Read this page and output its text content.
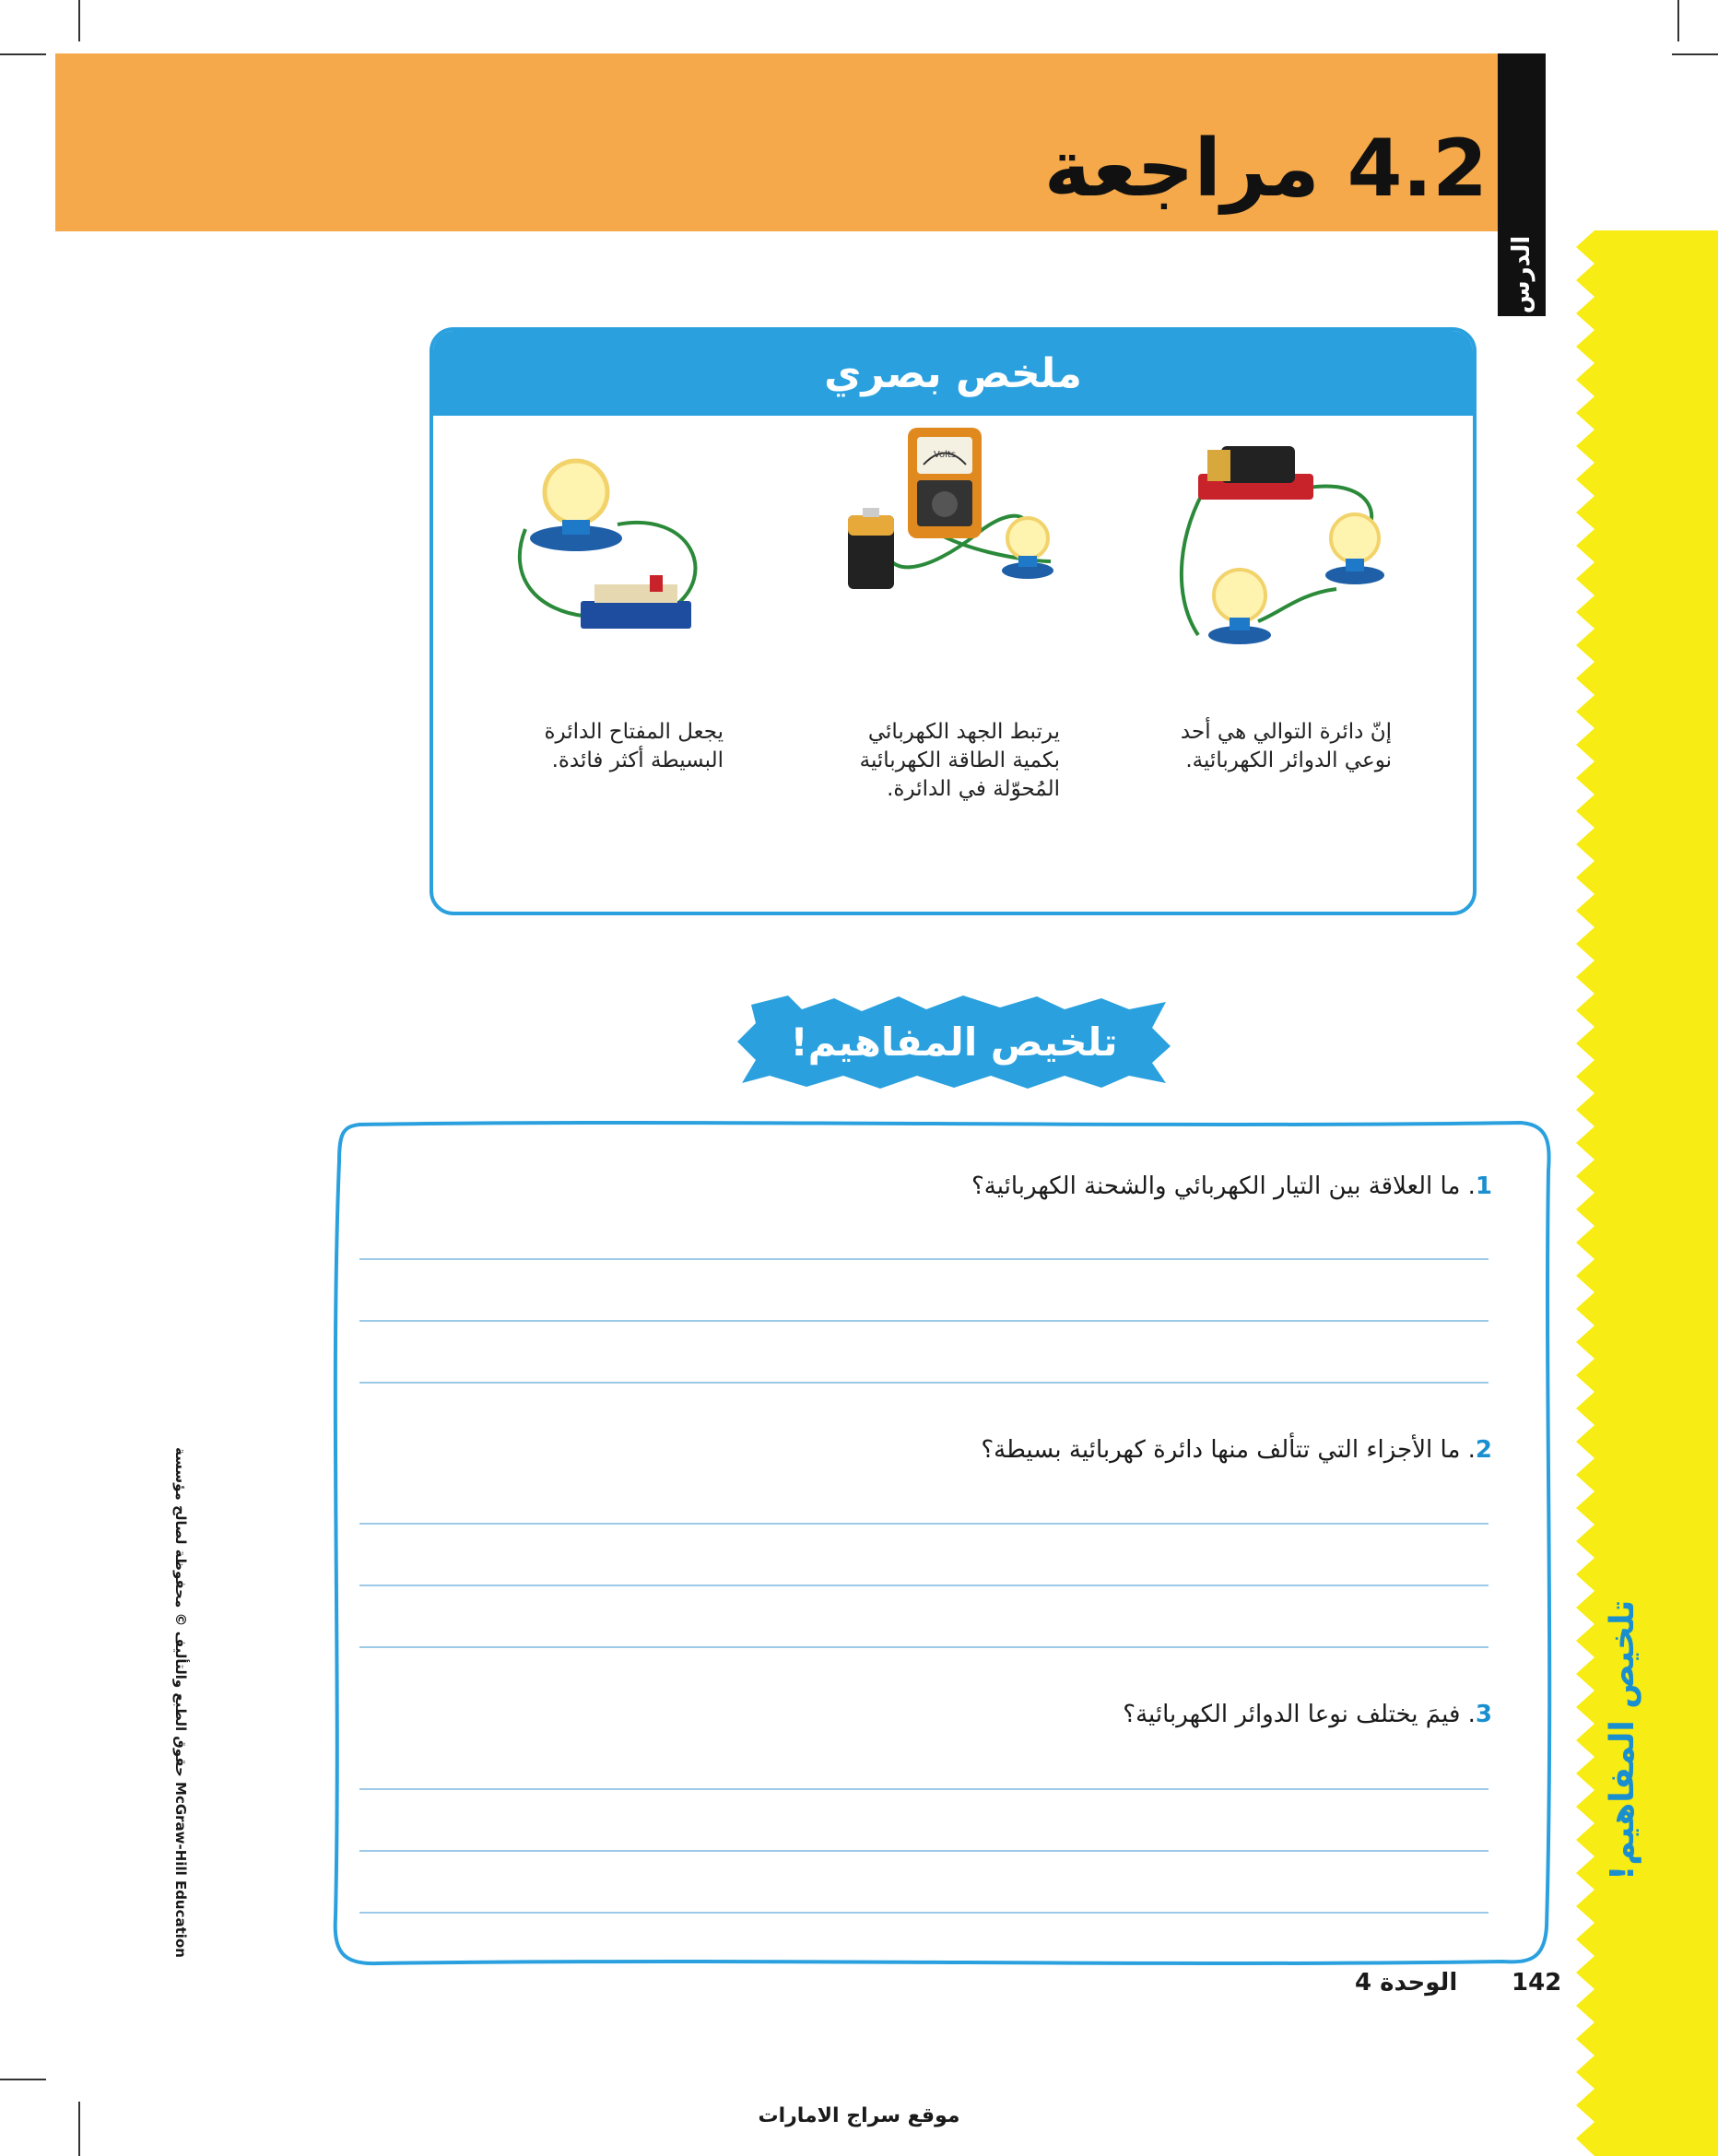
الدرس
4.2 مراجعة
تلخيص المفاهيم!
ملخص بصري
Volts
إنّ دائرة التوالي هي أحد نوعي الدوائر الكهربائية.
يرتبط الجهد الكهربائي بكمية الطاقة الكهربائية المُحوّلة في الدائرة.
يجعل المفتاح الدائرة البسيطة أكثر فائدة.
تلخيص المفاهيم!
1. ما العلاقة بين التيار الكهربائي والشحنة الكهربائية؟
2. ما الأجزاء التي تتألف منها دائرة كهربائية بسيطة؟
3. فيمَ يختلف نوعا الدوائر الكهربائية؟
142
الوحدة 4
موقع سراج الامارات
حقوق الطبع والتأليف © محفوظة لصالح مؤسسة McGraw-Hill Education
